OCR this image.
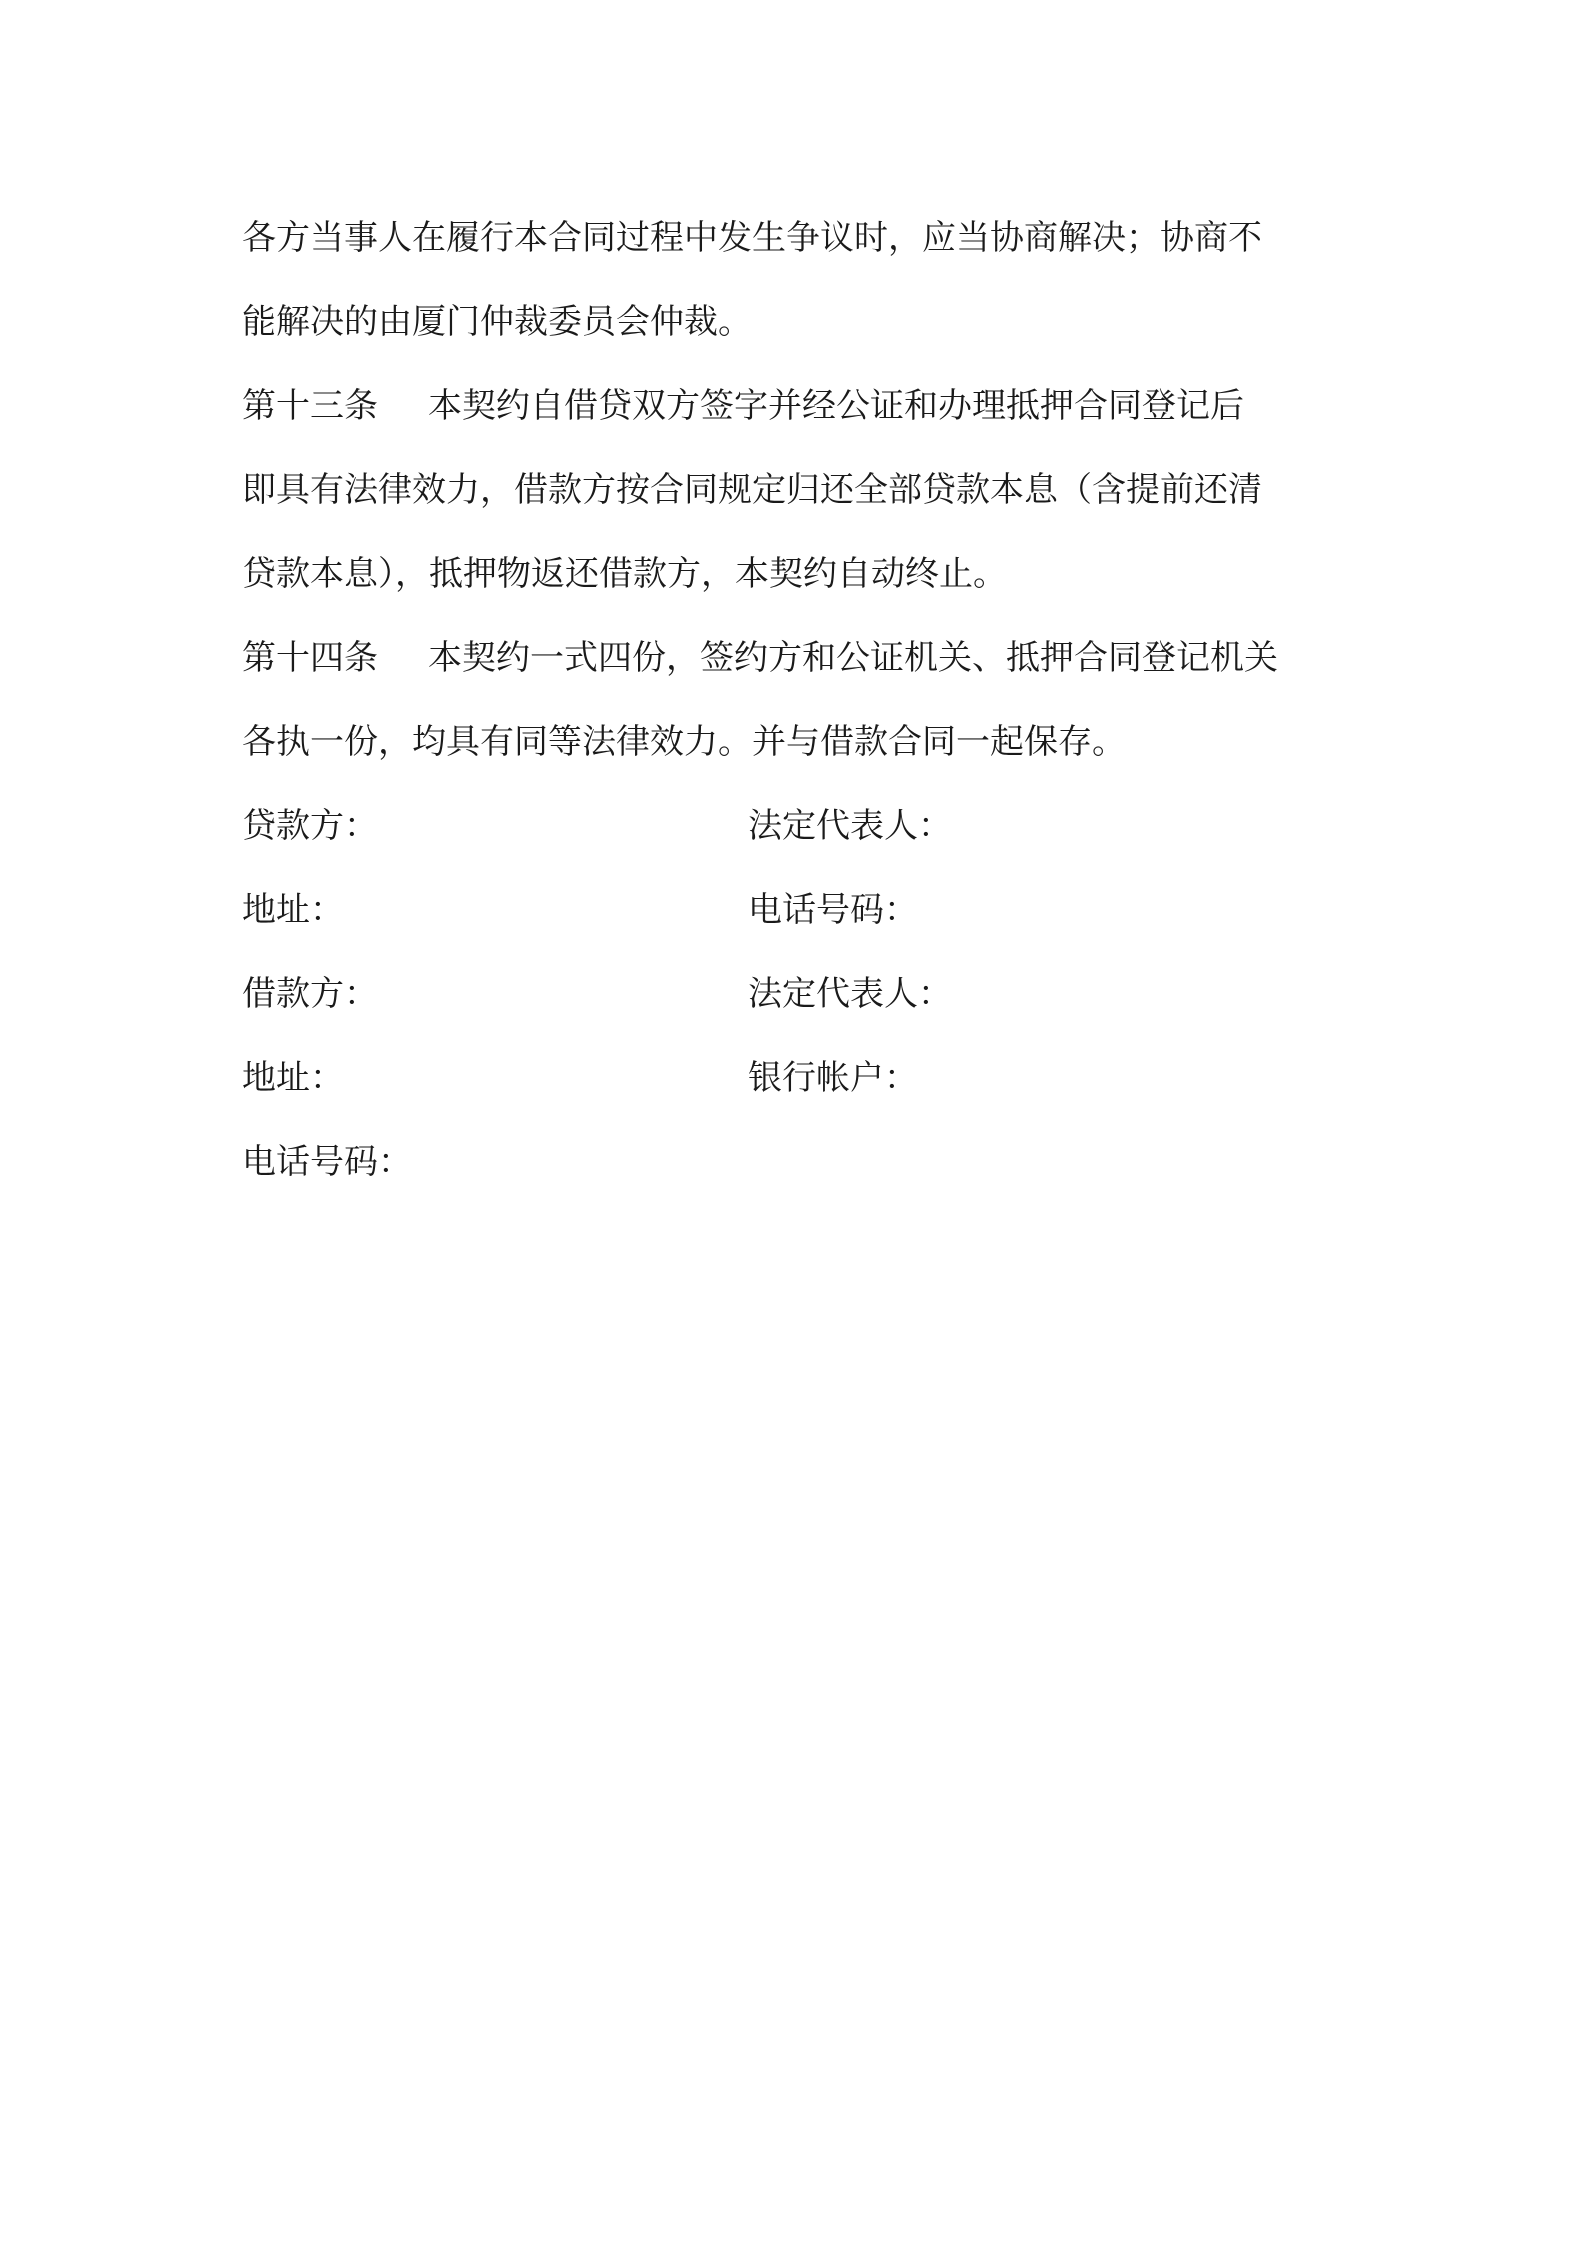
各方当事人在履行本合同过程中发生争议时，应当协商解决；协商不
能解决的由厦门仲裁委员会仲裁。
第十三条 本契约自借贷双方签字并经公证和办理抵押合同登记后
即具有法律效力，借款方按合同规定归还全部贷款本息（含提前还清
贷款本息），抵押物返还借款方，本契约自动终止。
第十四条 本契约一式四份，签约方和公证机关、抵押合同登记机关
各执一份，均具有同等法律效力。并与借款合同一起保存。
贷款方：	法定代表人：
地址：	电话号码：
借款方：	法定代表人：
地址：	银行帐户：
电话号码：
